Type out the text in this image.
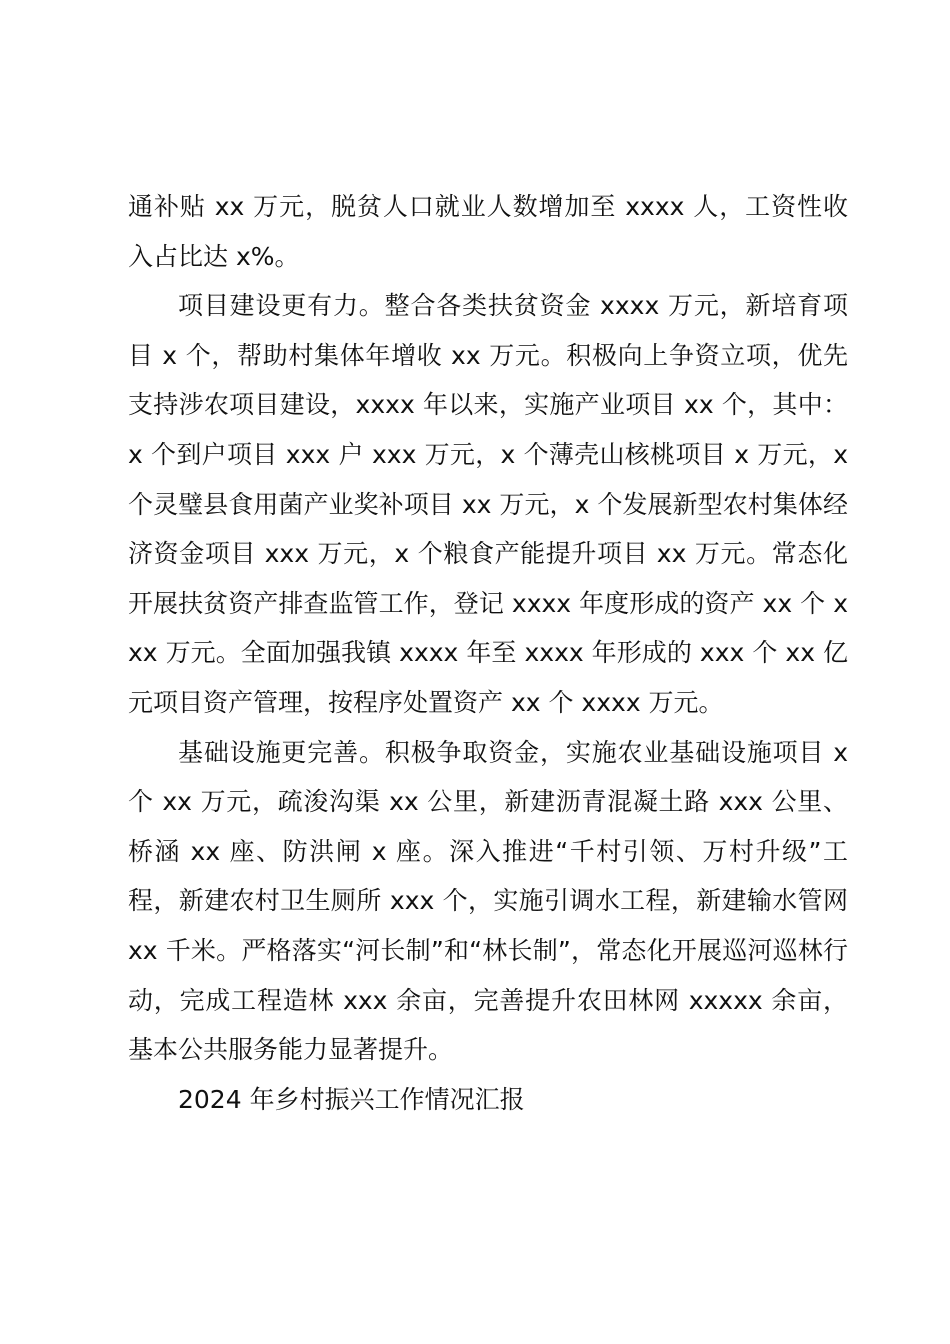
通补贴 xx 万元，脱贫人口就业人数增加至 xxxx 人，工资性收入占比达 x%。

项目建设更有力。整合各类扶贫资金 xxxx 万元，新培育项目 x 个，帮助村集体年增收 xx 万元。积极向上争资立项，优先支持涉农项目建设，xxxx 年以来，实施产业项目 xx 个，其中：x 个到户项目 xxx 户 xxx 万元，x 个薄壳山核桃项目 x 万元，x 个灵璧县食用菌产业奖补项目 xx 万元，x 个发展新型农村集体经济资金项目 xxx 万元，x 个粮食产能提升项目 xx 万元。常态化开展扶贫资产排查监管工作，登记 xxxx 年度形成的资产 xx 个 xxx 万元。全面加强我镇 xxxx 年至 xxxx 年形成的 xxx 个 xx 亿元项目资产管理，按程序处置资产 xx 个 xxxx 万元。

基础设施更完善。积极争取资金，实施农业基础设施项目 x 个 xx 万元，疏浚沟渠 xx 公里，新建沥青混凝土路 xxx 公里、桥涵 xx 座、防洪闸 x 座。深入推进“千村引领、万村升级”工程，新建农村卫生厕所 xxx 个，实施引调水工程，新建输水管网 xx 千米。严格落实“河长制”和“林长制”，常态化开展巡河巡林行动，完成工程造林 xxx 余亩，完善提升农田林网 xxxxx 余亩，基本公共服务能力显著提升。

2024 年乡村振兴工作情况汇报
